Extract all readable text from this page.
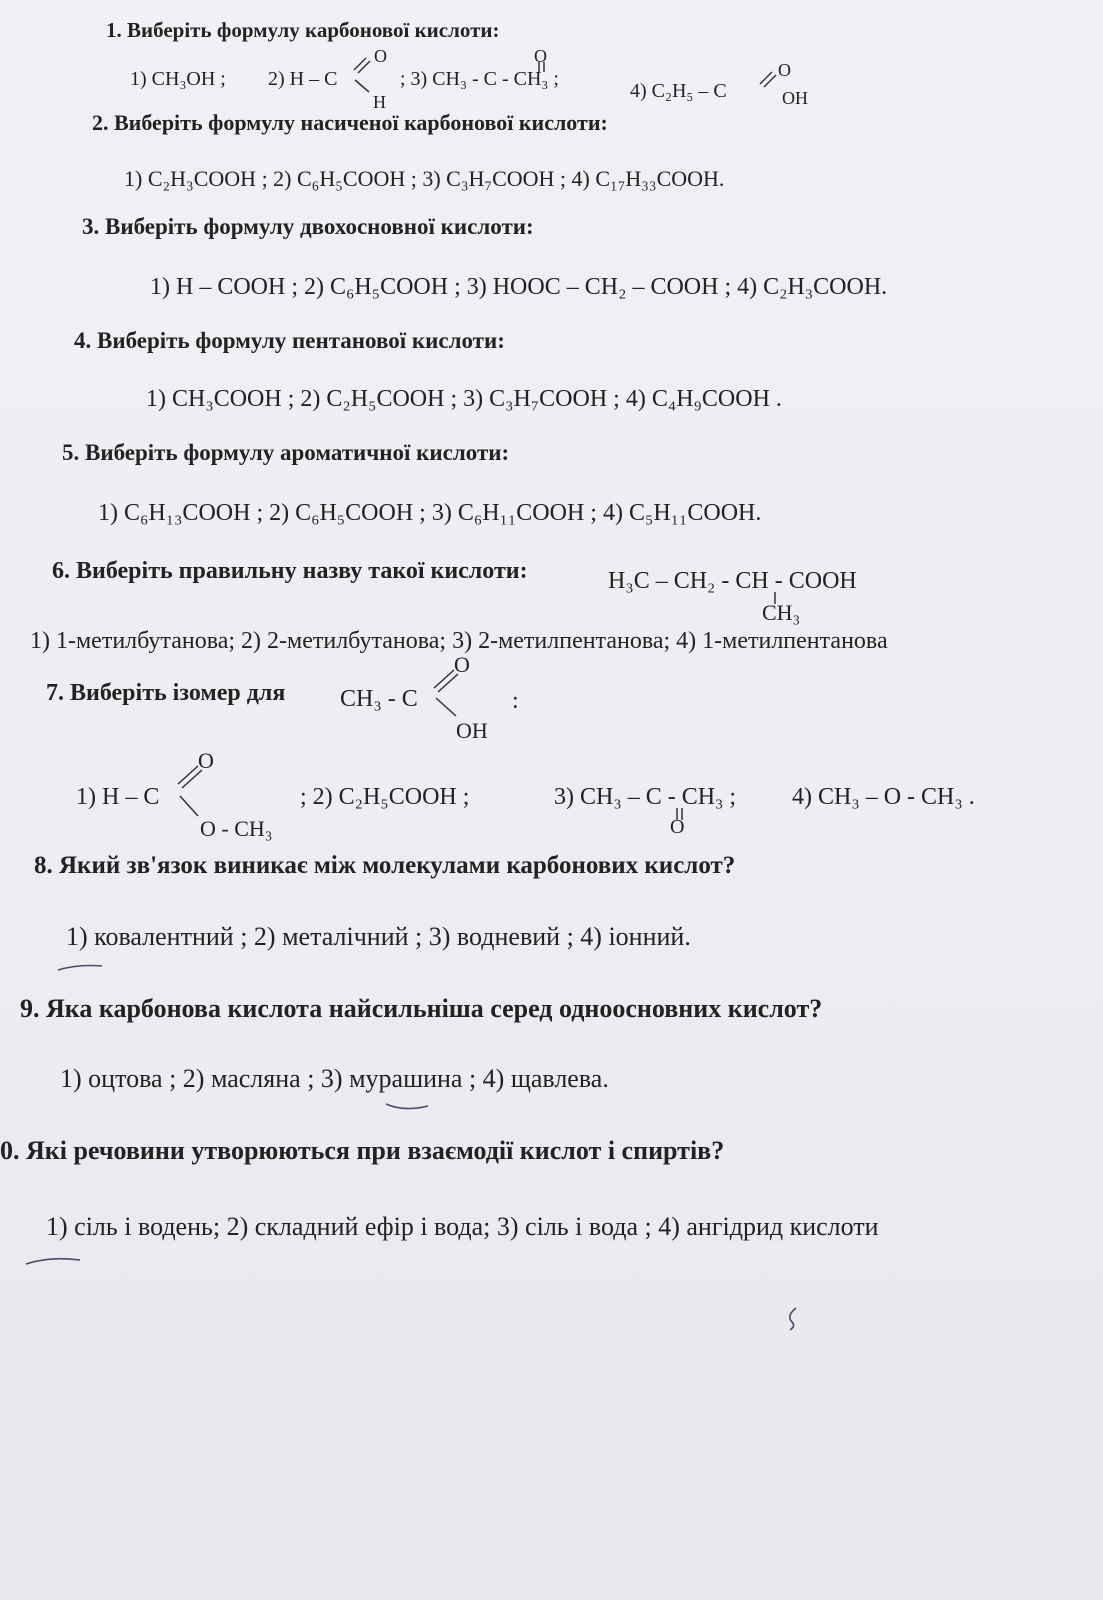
1. Виберіть формулу карбонової кислоти:
1) CH₃OH ; 2) H – C
O
H
; 3) CH₃ - C - CH₃ ;
O
4) C₂H₅ – C
O
OH
2. Виберіть формулу насиченої карбонової кислоти:
1) C₂H₃COOH ; 2) C₆H₅COOH ; 3) C₃H₇COOH ; 4) C₁₇H₃₃COOH.
3. Виберіть формулу двохосновної кислоти:
1) H – COOH ; 2) C₆H₅COOH ; 3) HOOC – CH₂ – COOH ; 4) C₂H₃COOH.
4. Виберіть формулу пентанової кислоти:
1) CH₃COOH ; 2) C₂H₅COOH ; 3) C₃H₇COOH ; 4) C₄H₉COOH .
5. Виберіть формулу ароматичної кислоти:
1) C₆H₁₃COOH ; 2) C₆H₅COOH ; 3) C₆H₁₁COOH ; 4) C₅H₁₁COOH.
6. Виберіть правильну назву такої кислоти:	H₃C – CH₂ - CH - COOH
CH₃
1) 1-метилбутанова; 2) 2-метилбутанова; 3) 2-метилпентанова; 4) 1-метилпентанова
7. Виберіть ізомер для CH₃ - C
O
OH
:
1) H – C
O
O - CH₃
; 2) C₂H₅COOH ;	3) CH₃ – C - CH₃ ;
O
4) CH₃ – O - CH₃ .
8. Який зв'язок виникає між молекулами карбонових кислот?
1) ковалентний ; 2) металічний ; 3) водневий ; 4) іонний.
9. Яка карбонова кислота найсильніша серед одноосновних кислот?
1) оцтова ; 2) масляна ; 3) мурашина ; 4) щавлева.
0. Які речовини утворюються при взаємодії кислот і спиртів?
1) сіль і водень; 2) складний ефір і вода; 3) сіль і вода ; 4) ангідрид кислоти
